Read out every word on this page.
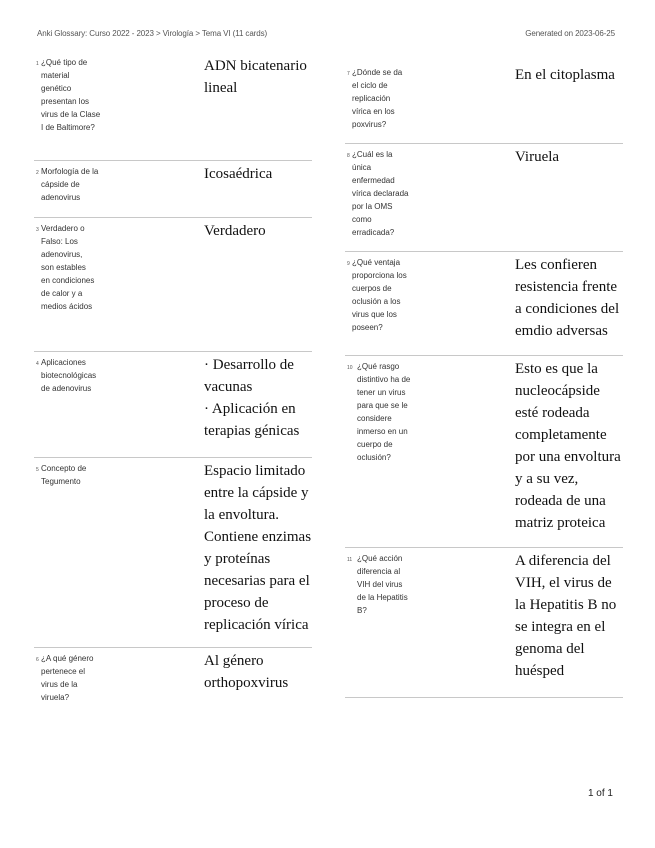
Anki Glossary: Curso 2022 - 2023 > Virología > Tema VI (11 cards)	Generated on 2023-06-25
1 ¿Qué tipo de material genético presentan los virus de la Clase I de Baltimore?
ADN bicatenario lineal
2 Morfología de la cápside de adenovirus
Icosaédrica
3 Verdadero o Falso: Los adenovirus, son estables en condiciones de calor y a medios ácidos
Verdadero
4 Aplicaciones biotecnológicas de adenovirus
· Desarrollo de vacunas
· Aplicación en terapias génicas
5 Concepto de Tegumento
Espacio limitado entre la cápside y la envoltura. Contiene enzimas y proteínas necesarias para el proceso de replicación vírica
6 ¿A qué género pertenece el virus de la viruela?
Al género orthopoxvirus
7 ¿Dónde se da el ciclo de replicación vírica en los poxvirus?
En el citoplasma
8 ¿Cuál es la única enfermedad vírica declarada por la OMS como erradicada?
Viruela
9 ¿Qué ventaja proporciona los cuerpos de oclusión a los virus que los poseen?
Les confieren resistencia frente a condiciones del emdio adversas
10 ¿Qué rasgo distintivo ha de tener un virus para que se le considere inmerso en un cuerpo de oclusión?
Esto es que la nucleocápside esté rodeada completamente por una envoltura y a su vez, rodeada de una matriz proteica
11 ¿Qué acción diferencia al VIH del virus de la Hepatitis B?
A diferencia del VIH, el virus de la Hepatitis B no se integra en el genoma del huésped
1 of 1
